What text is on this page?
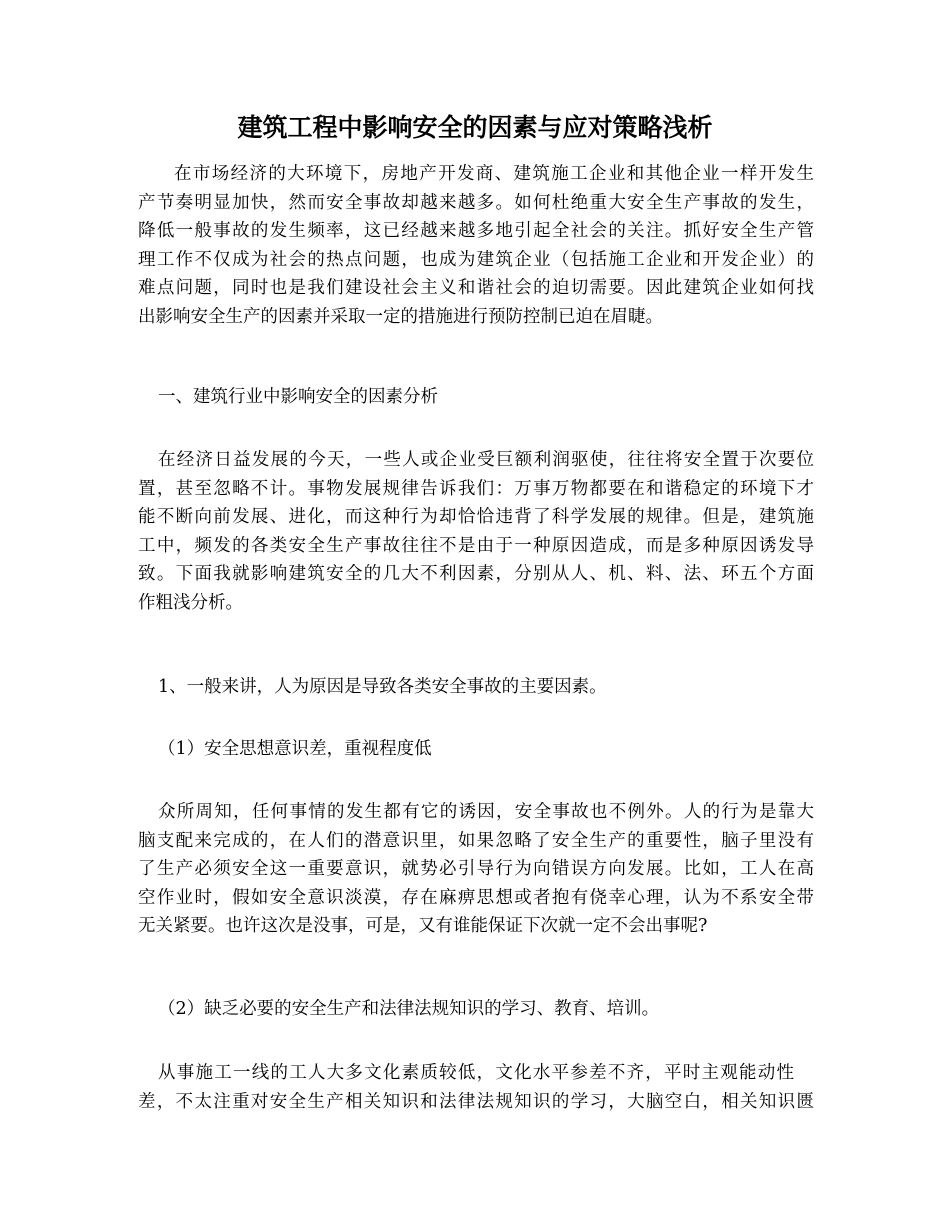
建筑工程中影响安全的因素与应对策略浅析
在市场经济的大环境下，房地产开发商、建筑施工企业和其他企业一样开发生
产节奏明显加快，然而安全事故却越来越多。如何杜绝重大安全生产事故的发生，
降低一般事故的发生频率，这已经越来越多地引起全社会的关注。抓好安全生产管
理工作不仅成为社会的热点问题，也成为建筑企业（包括施工企业和开发企业）的
难点问题，同时也是我们建设社会主义和谐社会的迫切需要。因此建筑企业如何找
出影响安全生产的因素并采取一定的措施进行预防控制已迫在眉睫。

一、建筑行业中影响安全的因素分析

在经济日益发展的今天，一些人或企业受巨额利润驱使，往往将安全置于次要位
置，甚至忽略不计。事物发展规律告诉我们：万事万物都要在和谐稳定的环境下才
能不断向前发展、进化，而这种行为却恰恰违背了科学发展的规律。但是，建筑施
工中，频发的各类安全生产事故往往不是由于一种原因造成，而是多种原因诱发导
致。下面我就影响建筑安全的几大不利因素，分别从人、机、料、法、环五个方面
作粗浅分析。

1、一般来讲，人为原因是导致各类安全事故的主要因素。

（1）安全思想意识差，重视程度低

众所周知，任何事情的发生都有它的诱因，安全事故也不例外。人的行为是靠大
脑支配来完成的，在人们的潜意识里，如果忽略了安全生产的重要性，脑子里没有
了生产必须安全这一重要意识，就势必引导行为向错误方向发展。比如，工人在高
空作业时，假如安全意识淡漠，存在麻痹思想或者抱有侥幸心理，认为不系安全带
无关紧要。也许这次是没事，可是，又有谁能保证下次就一定不会出事呢?

（2）缺乏必要的安全生产和法律法规知识的学习、教育、培训。

从事施工一线的工人大多文化素质较低，文化水平参差不齐，平时主观能动性
差，不太注重对安全生产相关知识和法律法规知识的学习，大脑空白，相关知识匮
